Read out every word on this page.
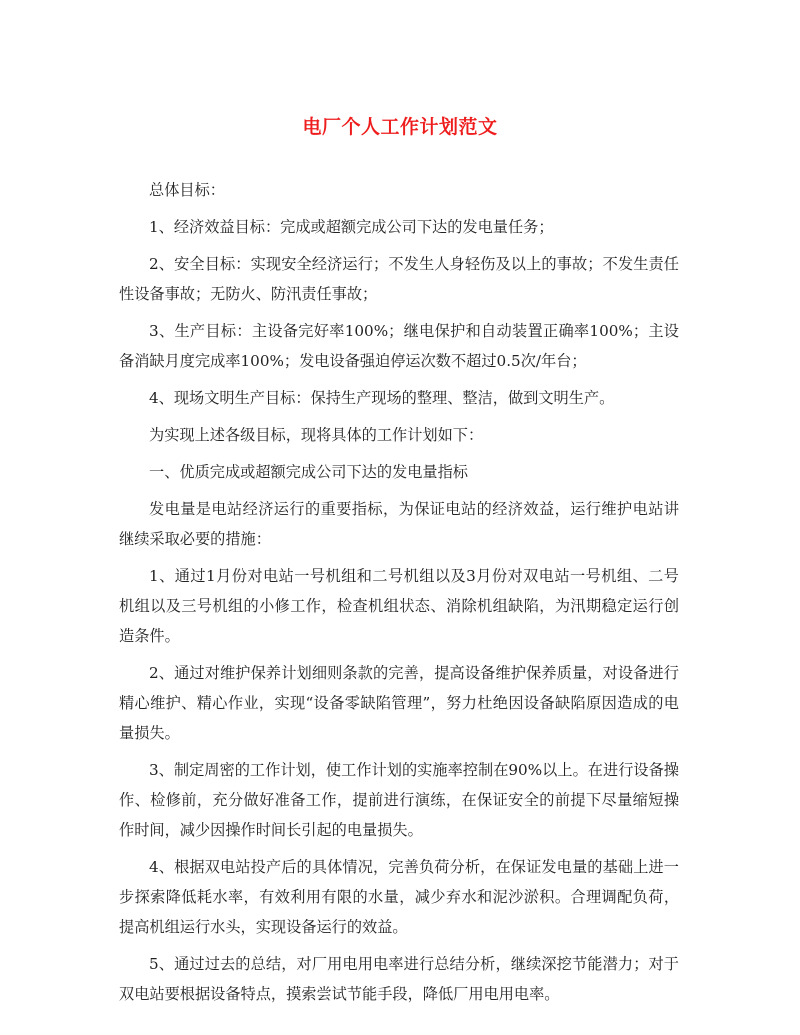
电厂个人工作计划范文

总体目标：

1、经济效益目标：完成或超额完成公司下达的发电量任务；

2、安全目标：实现安全经济运行；不发生人身轻伤及以上的事故；不发生责任性设备事故；无防火、防汛责任事故；

3、生产目标：主设备完好率100%；继电保护和自动装置正确率100%；主设备消缺月度完成率100%；发电设备强迫停运次数不超过0.5次/年台；

4、现场文明生产目标：保持生产现场的整理、整洁，做到文明生产。

为实现上述各级目标，现将具体的工作计划如下：

一、优质完成或超额完成公司下达的发电量指标

发电量是电站经济运行的重要指标，为保证电站的经济效益，运行维护电站讲继续采取必要的措施：

1、通过1月份对电站一号机组和二号机组以及3月份对双电站一号机组、二号机组以及三号机组的小修工作，检查机组状态、消除机组缺陷，为汛期稳定运行创造条件。

2、通过对维护保养计划细则条款的完善，提高设备维护保养质量，对设备进行精心维护、精心作业，实现“设备零缺陷管理”，努力杜绝因设备缺陷原因造成的电量损失。

3、制定周密的工作计划，使工作计划的实施率控制在90%以上。在进行设备操作、检修前，充分做好准备工作，提前进行演练，在保证安全的前提下尽量缩短操作时间，减少因操作时间长引起的电量损失。

4、根据双电站投产后的具体情况，完善负荷分析，在保证发电量的基础上进一步探索降低耗水率，有效利用有限的水量，减少弃水和泥沙淤积。合理调配负荷，提高机组运行水头，实现设备运行的效益。

5、通过过去的总结，对厂用电用电率进行总结分析，继续深挖节能潜力；对于双电站要根据设备特点，摸索尝试节能手段，降低厂用电用电率。
